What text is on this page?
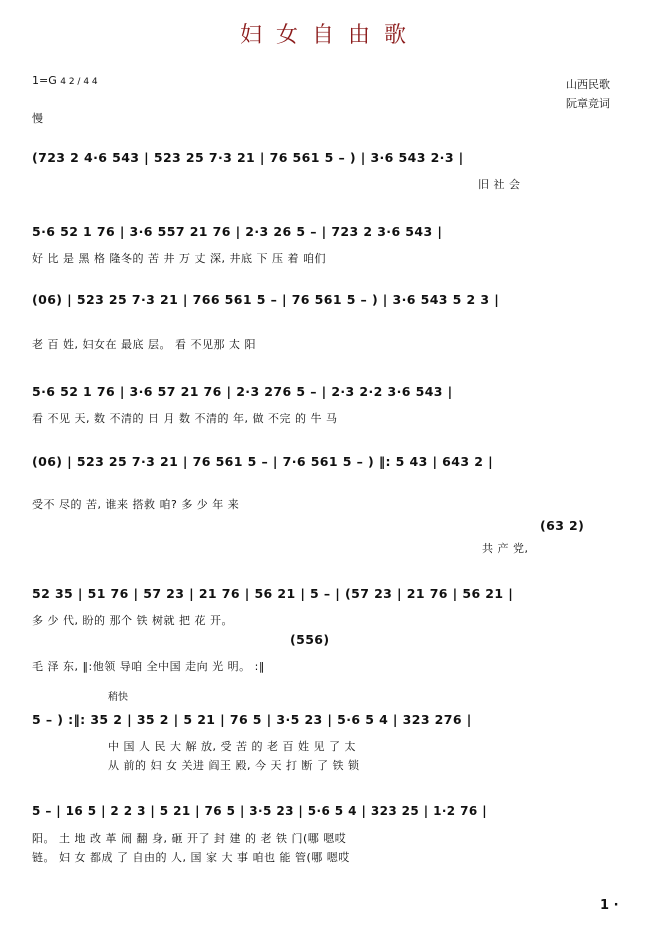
妇女自由歌
1=G 4 2 / 4 4
慢
山西民歌
阮章竞词
(723 2 4·6 543 | 523 25 7·3 21 | 76 561 5 – ) | 3·6 543 2·3 |
旧 社 会
5·6 52 1 76 | 3·6 557 21 76 | 2·3 26 5 – | 723 2 3·6 543 |
好 比 是 黑 格 隆冬的 苦 井 万 丈 深, 井底 下 压 着 咱们
(06) | 523 25 7·3 21 | 766 561 5 – | 76 561 5 – ) | 3·6 543 5 2 3 |
老 百 姓, 妇女在 最底 层。 看 不见那 太 阳
5·6 52 1 76 | 3·6 57 21 76 | 2·3 276 5 – | 2·3 2·2 3·6 543 |
看 不见 天, 数 不清的 日 月 数 不清的 年, 做 不完 的 牛 马
(06) | 523 25 7·3 21 | 76 561 5 – | 7·6 561 5 – ) ‖: 5 43 | 643 2 |
受不 尽的 苦, 谁来 搭救 咱? 多 少 年 来
(63 2)
共 产 党,
52 35 | 51 76 | 57 23 | 21 76 | 56 21 | 5 – | (57 23 | 21 76 | 56 21 |
多 少 代, 盼的 那个 铁 树就 把 花 开。
(556)
毛 泽 东, ‖:他领 导咱 全中国 走向 光 明。 :‖
稍快
5 – ) :‖: 35 2 | 35 2 | 5 21 | 76 5 | 3·5 23 | 5·6 5 4 | 323 276 |
中 国 人 民 大 解 放, 受 苦 的 老 百 姓 见 了 太
从 前的 妇 女 关进 阎王 殿, 今 天 打 断 了 铁 锁
5 – | 16 5 | 2 2 3 | 5 21 | 76 5 | 3·5 23 | 5·6 5 4 | 323 25 | 1·2 76 |
阳。 土 地 改 革 闹 翻 身, 砸 开了 封 建 的 老 铁 门(哪 嗯哎
链。 妇 女 都成 了 自由的 人, 国 家 大 事 咱也 能 管(哪 嗯哎
1 ·
